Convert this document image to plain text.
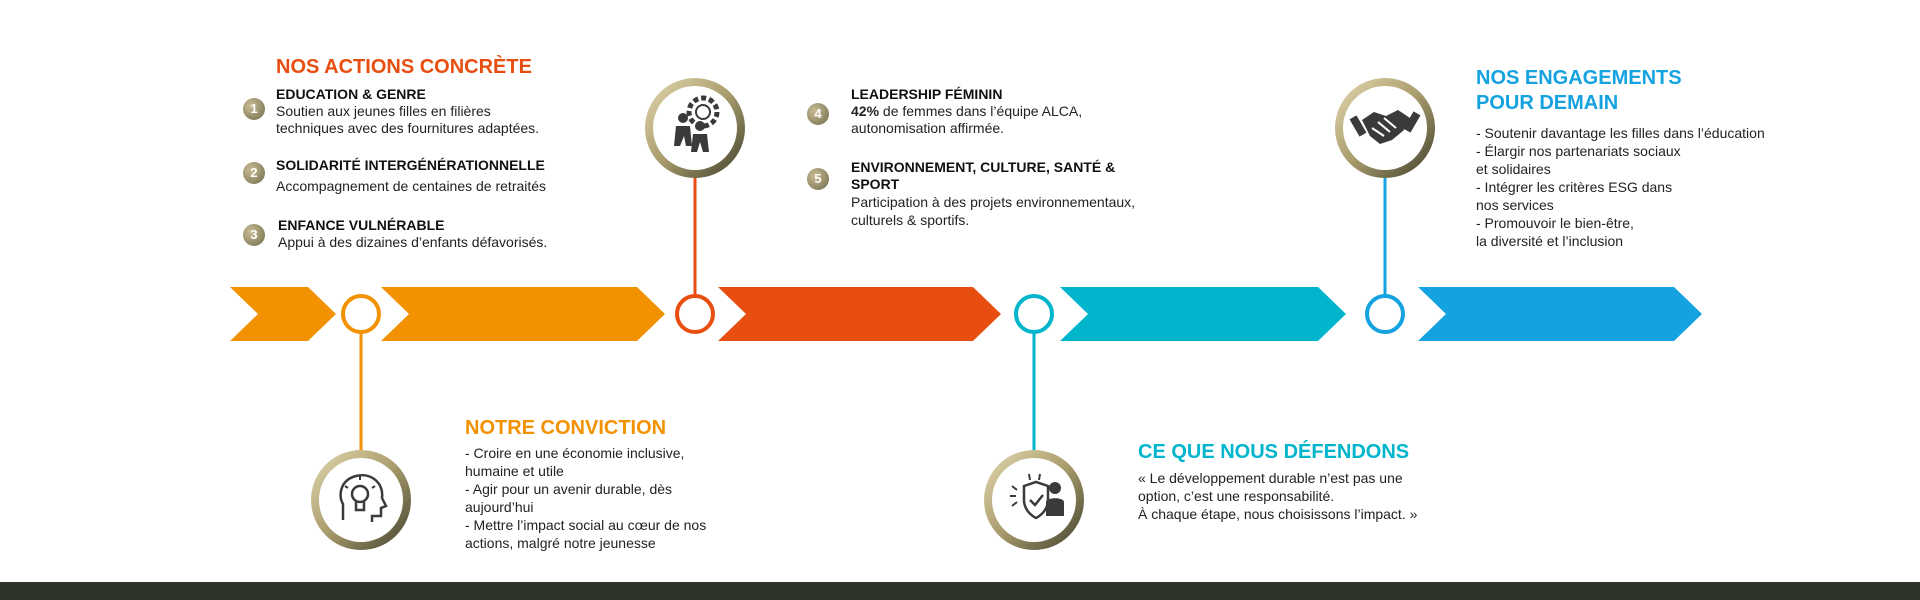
NOS ACTIONS CONCRÈTE
1
EDUCATION & GENRE
Soutien aux jeunes filles en filières
techniques avec des fournitures adaptées.
2	SOLIDARITÉ INTERGÉNÉRATIONNELLE
Accompagnement de centaines de retraités
3
ENFANCE VULNÉRABLE
Appui à des dizaines d’enfants défavorisés.
4
LEADERSHIP FÉMININ
42% de femmes dans l’équipe ALCA,
autonomisation affirmée.
5
ENVIRONNEMENT, CULTURE, SANTÉ &
SPORT
Participation à des projets environnementaux,
culturels & sportifs.
NOS ENGAGEMENTS
POUR DEMAIN
- Soutenir davantage les filles dans l’éducation
- Élargir nos partenariats sociaux
et solidaires
- Intégrer les critères ESG dans
nos services
- Promouvoir le bien-être,
la diversité et l’inclusion
NOTRE CONVICTION
- Croire en une économie inclusive,
humaine et utile
- Agir pour un avenir durable, dès
aujourd’hui
- Mettre l’impact social au cœur de nos
actions, malgré notre jeunesse
CE QUE NOUS DÉFENDONS
« Le développement durable n’est pas une
option, c’est une responsabilité.
À chaque étape, nous choisissons l’impact. »
